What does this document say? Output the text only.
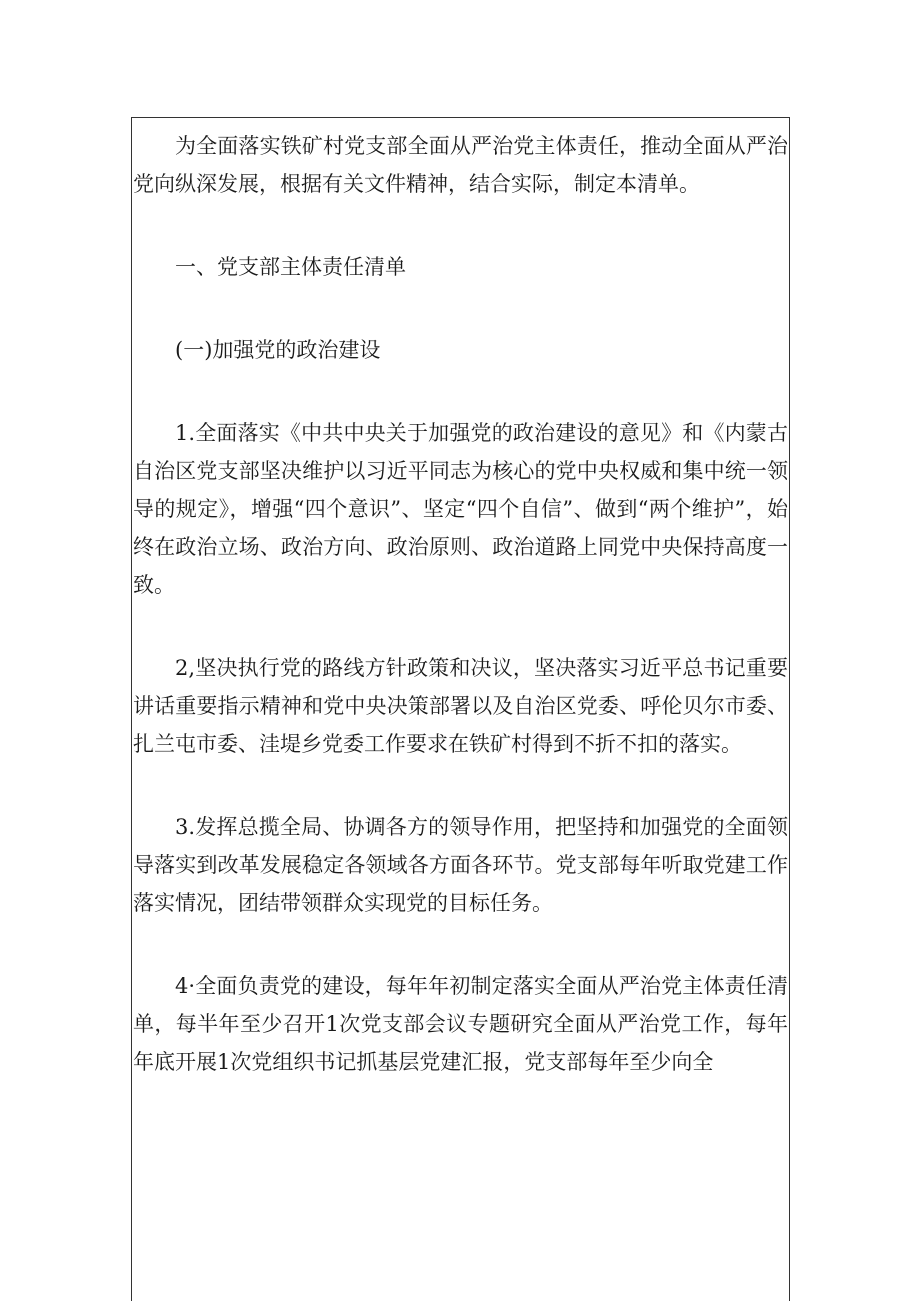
为全面落实铁矿村党支部全面从严治党主体责任，推动全面从严治党向纵深发展，根据有关文件精神，结合实际，制定本清单。

一、党支部主体责任清单

(一)加强党的政治建设

1.全面落实《中共中央关于加强党的政治建设的意见》和《内蒙古自治区党支部坚决维护以习近平同志为核心的党中央权威和集中统一领导的规定》，增强“四个意识”、坚定“四个自信”、做到“两个维护”，始终在政治立场、政治方向、政治原则、政治道路上同党中央保持高度一致。

2,坚决执行党的路线方针政策和决议，坚决落实习近平总书记重要讲话重要指示精神和党中央决策部署以及自治区党委、呼伦贝尔市委、扎兰屯市委、洼堤乡党委工作要求在铁矿村得到不折不扣的落实。

3.发挥总揽全局、协调各方的领导作用，把坚持和加强党的全面领导落实到改革发展稳定各领域各方面各环节。党支部每年听取党建工作落实情况，团结带领群众实现党的目标任务。

4·全面负责党的建设，每年年初制定落实全面从严治党主体责任清单，每半年至少召开1次党支部会议专题研究全面从严治党工作，每年年底开展1次党组织书记抓基层党建汇报，党支部每年至少向全
